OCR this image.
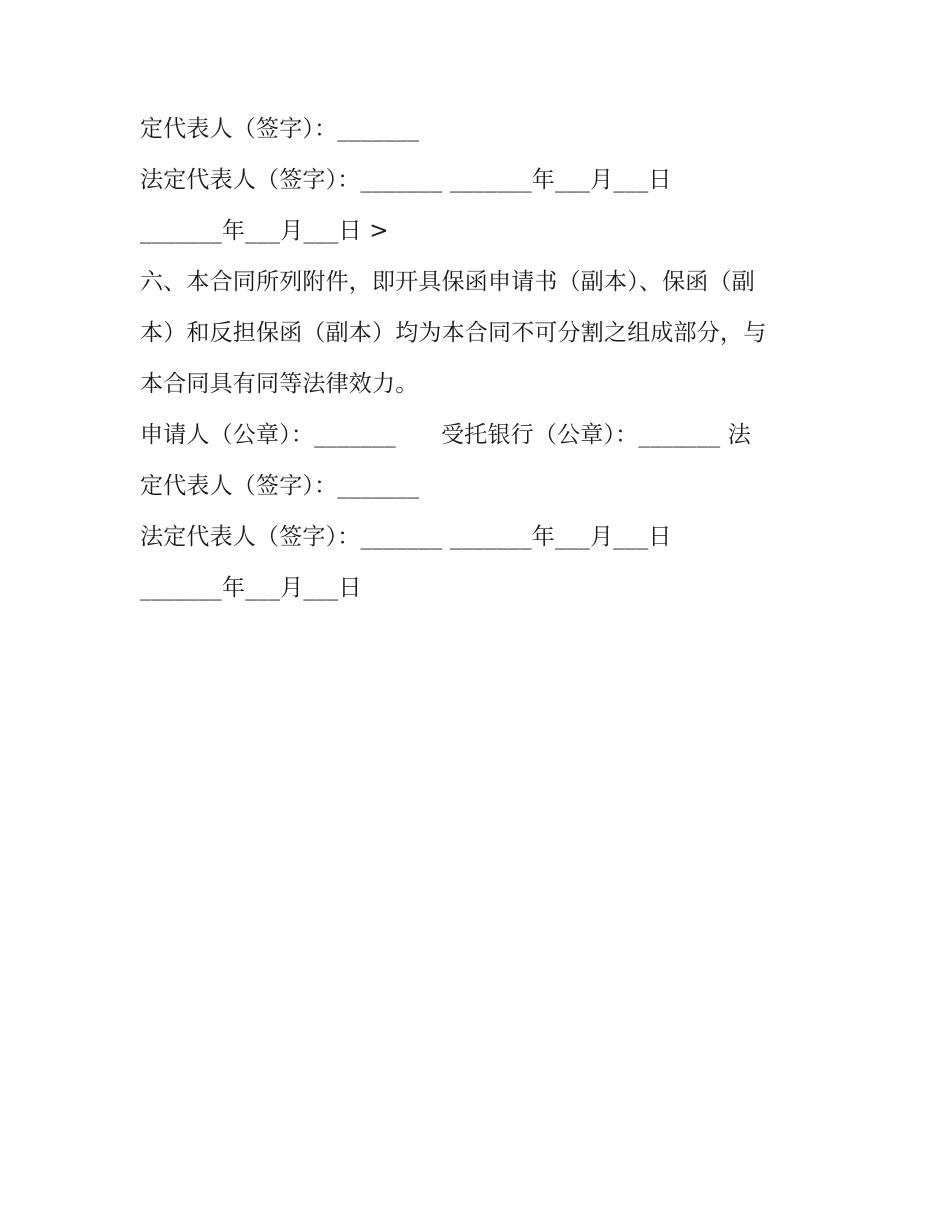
定代表人（签字）：_______
法定代表人（签字）：_______ _______年___月___日
_______年___月___日 >
六、本合同所列附件，即开具保函申请书（副本）、保函（副
本）和反担保函（副本）均为本合同不可分割之组成部分，与
本合同具有同等法律效力。
申请人（公章）：_______      受托银行（公章）：_______ 法
定代表人（签字）：_______
法定代表人（签字）：_______ _______年___月___日
_______年___月___日
